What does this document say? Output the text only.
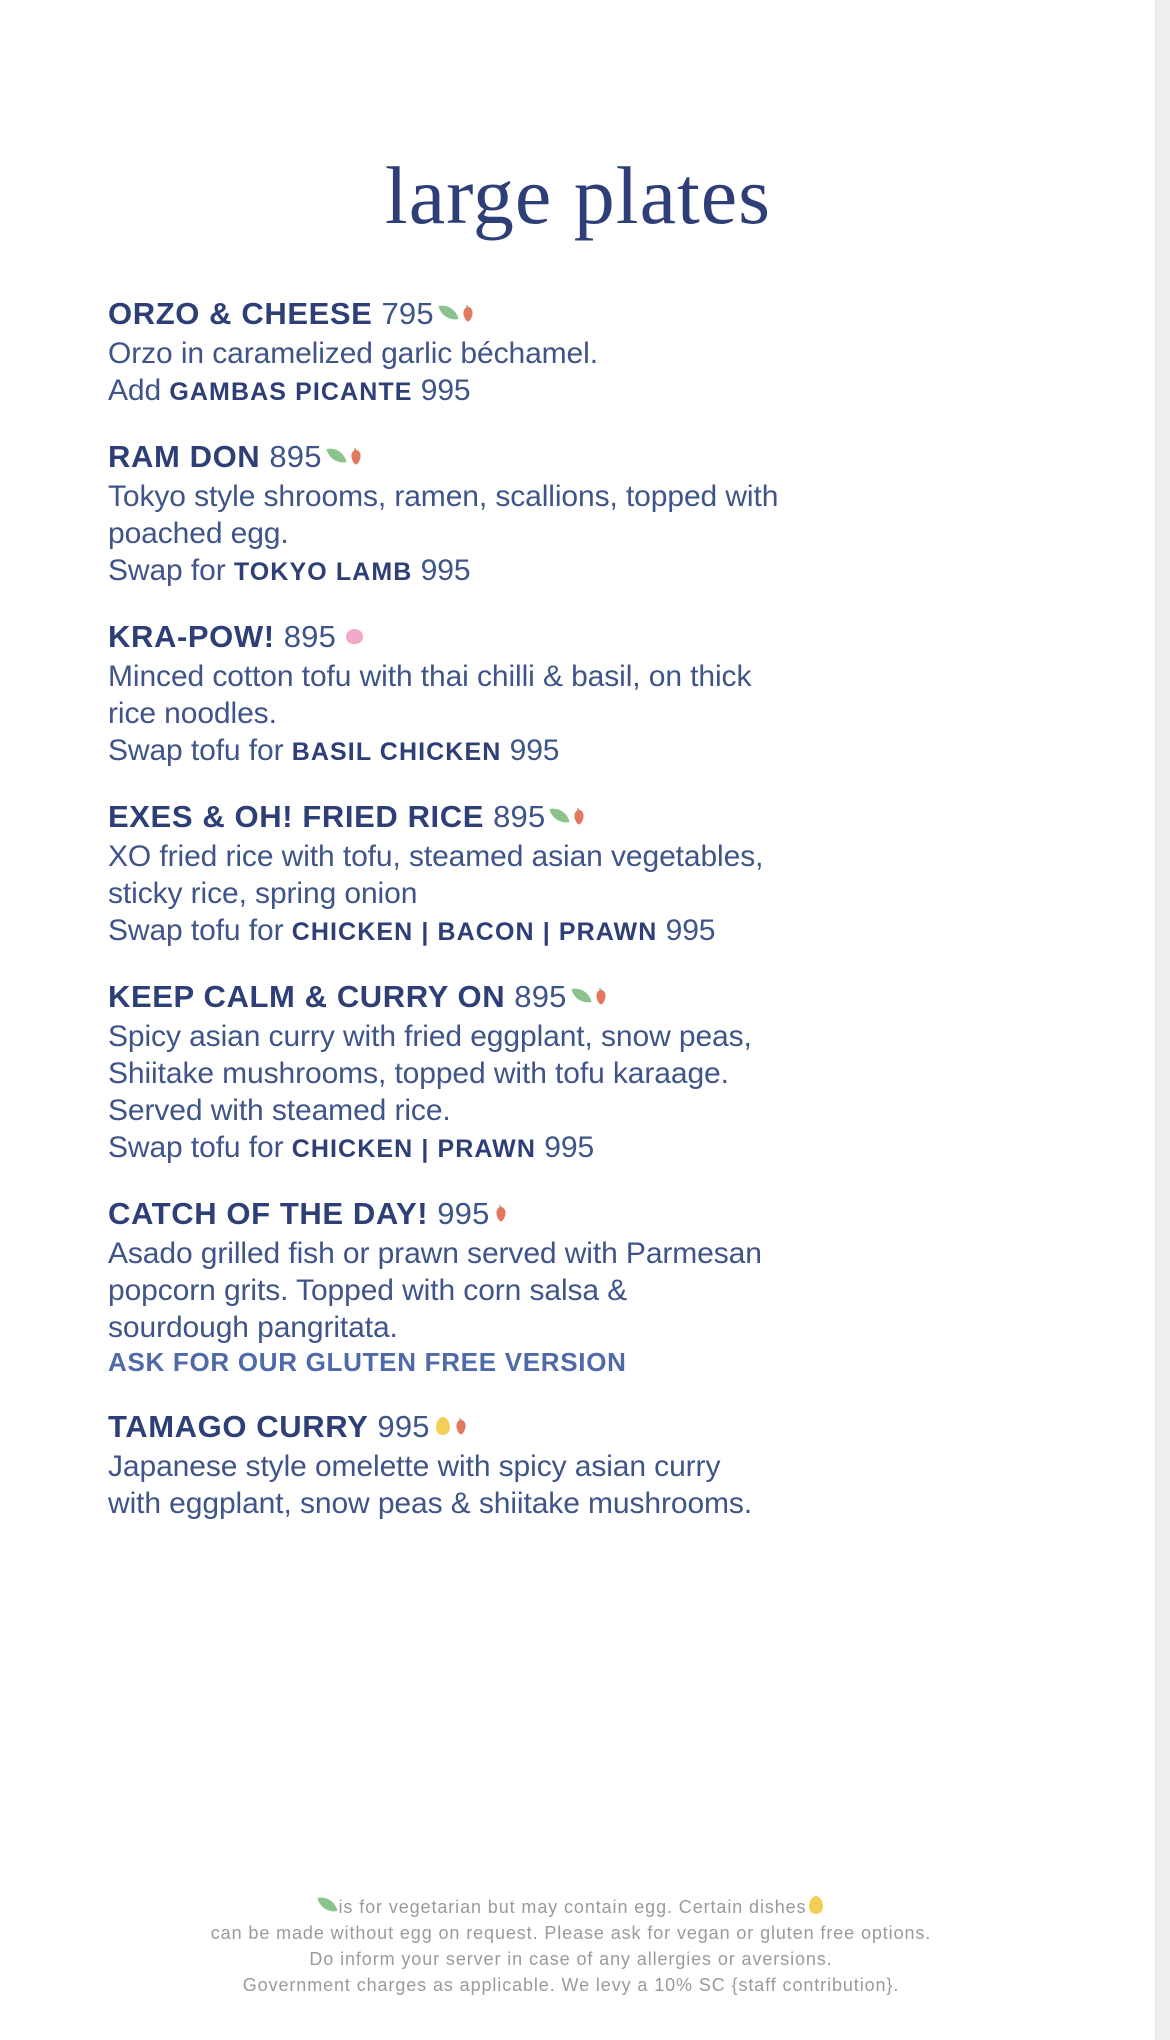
large plates
ORZO & CHEESE 795
Orzo in caramelized garlic béchamel.
Add GAMBAS PICANTE 995
RAM DON 895
Tokyo style shrooms, ramen, scallions, topped with
poached egg.
Swap for TOKYO LAMB 995
KRA-POW! 895
Minced cotton tofu with thai chilli & basil, on thick
rice noodles.
Swap tofu for BASIL CHICKEN 995
EXES & OH! FRIED RICE 895
XO fried rice with tofu, steamed asian vegetables,
sticky rice, spring onion
Swap tofu for CHICKEN | BACON | PRAWN 995
KEEP CALM & CURRY ON 895
Spicy asian curry with fried eggplant, snow peas,
Shiitake mushrooms, topped with tofu karaage.
Served with steamed rice.
Swap tofu for CHICKEN | PRAWN 995
CATCH OF THE DAY! 995
Asado grilled fish or prawn served with Parmesan
popcorn grits. Topped with corn salsa &
sourdough pangritata.
ASK FOR OUR GLUTEN FREE VERSION
TAMAGO CURRY 995
Japanese style omelette with spicy asian curry
with eggplant, snow peas & shiitake mushrooms.
is for vegetarian but may contain egg. Certain dishes
can be made without egg on request. Please ask for vegan or gluten free options.
Do inform your server in case of any allergies or aversions.
Government charges as applicable. We levy a 10% SC {staff contribution}.
